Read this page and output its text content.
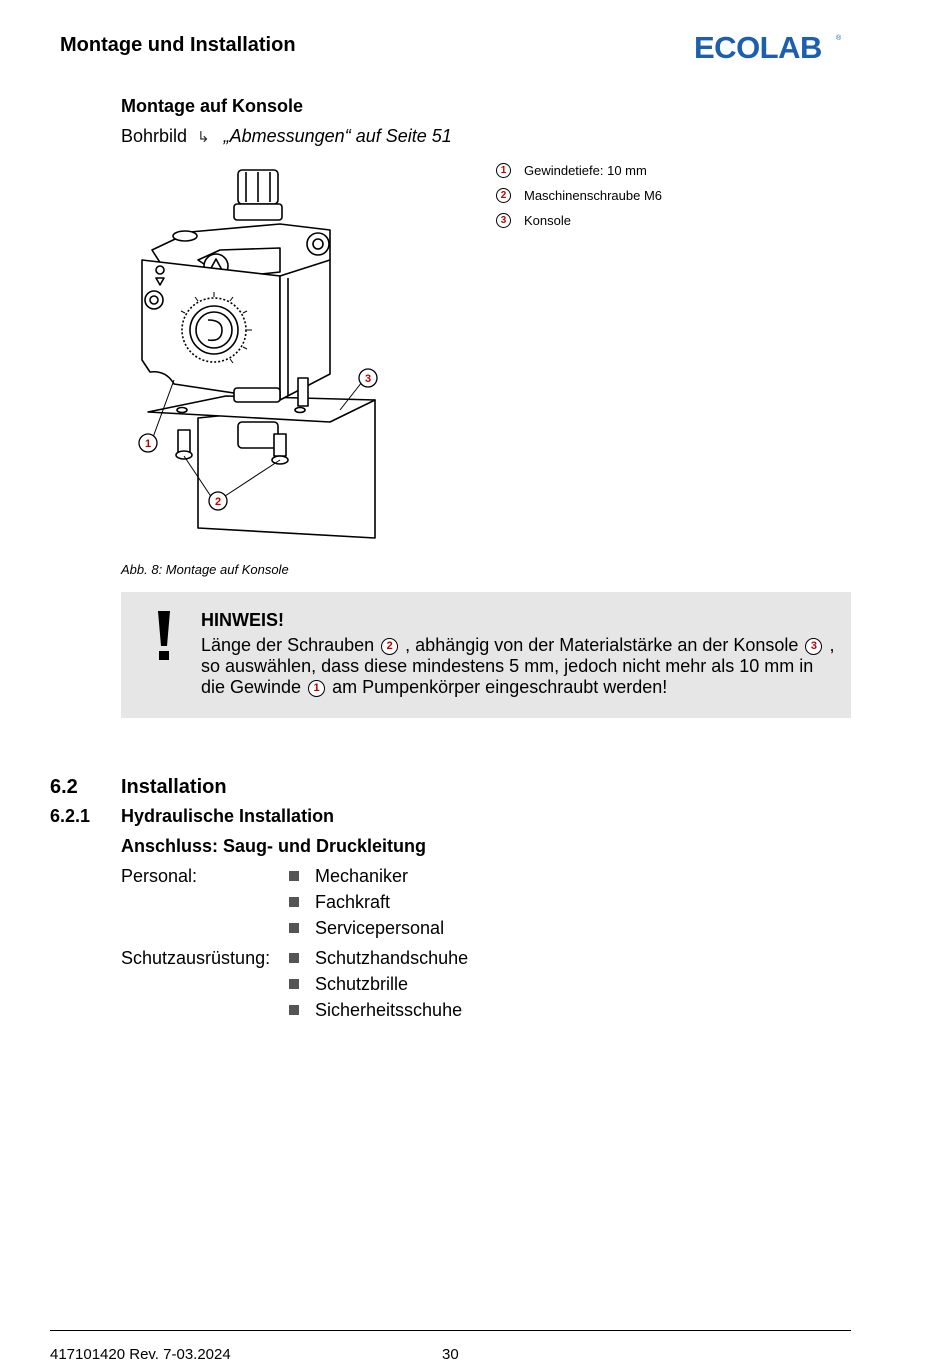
Montage und Installation	ECOLAB ®
Montage auf Konsole
Bohrbild ↳ „Abmessungen“ auf Seite 51
1	Gewindetiefe: 10 mm
2	Maschinenschraube M6
3	Konsole
1
2
3
Abb. 8: Montage auf Konsole
HINWEIS!
Länge der Schrauben 2 , abhängig von der Materialstärke an der Konsole 3 , so auswählen, dass diese mindestens 5 mm, jedoch nicht mehr als 10 mm in die Gewinde 1 am Pumpenkörper eingeschraubt werden!
6.2 Installation
6.2.1 Hydraulische Installation
Anschluss: Saug- und Druckleitung
Personal:	Mechaniker
Fachkraft
Servicepersonal
Schutzausrüstung: Schutzhandschuhe
Schutzbrille
Sicherheitsschuhe
417101420 Rev. 7-03.2024	30
